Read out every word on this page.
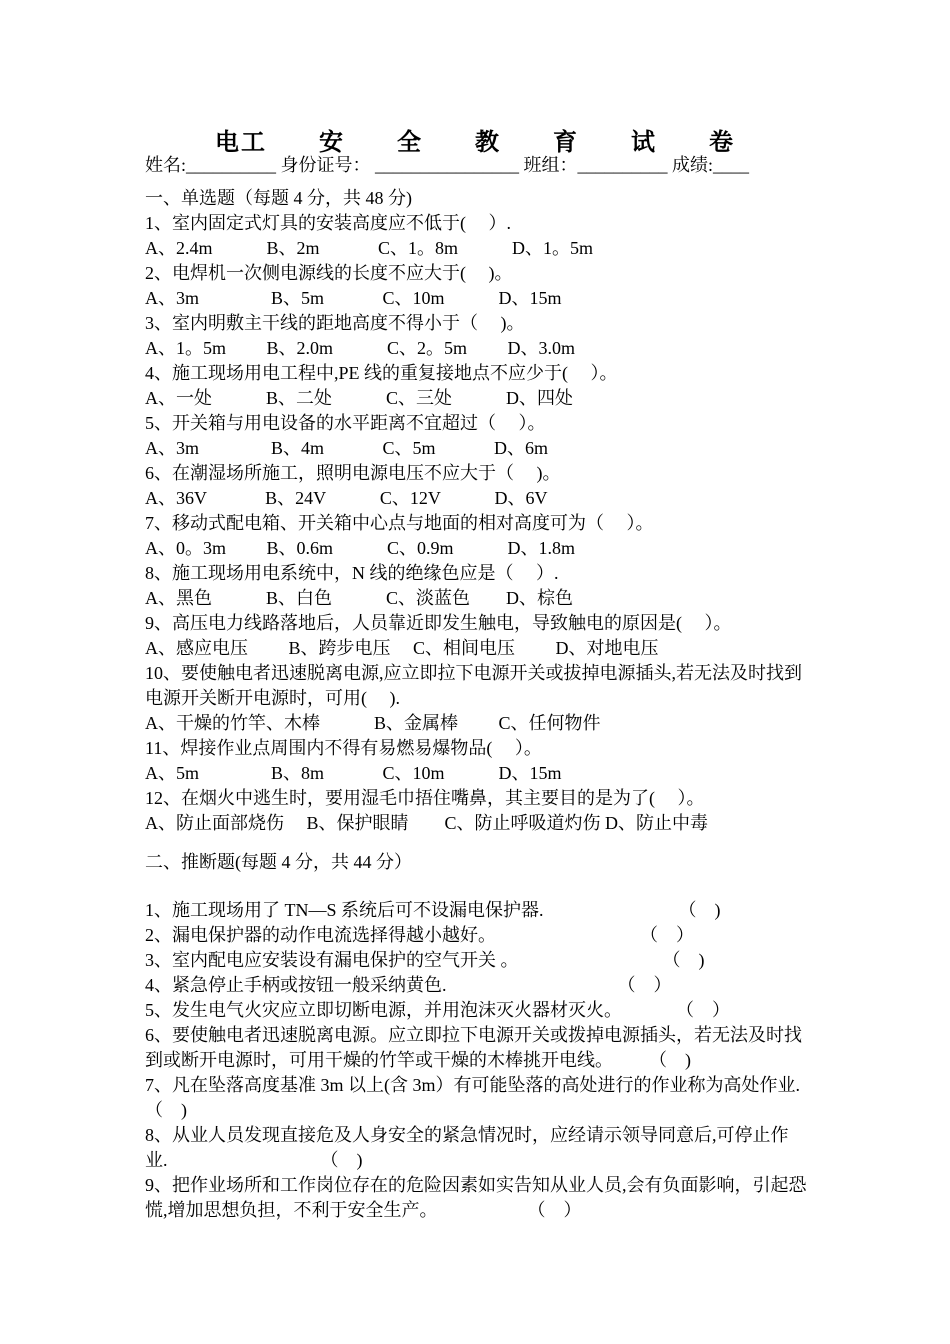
电工　　安　　全　　教　　育　　试　　卷
姓名:__________ 身份证号： ________________ 班组：__________ 成绩:____
一、单选题（每题 4 分，共 48 分)
1、室内固定式灯具的安装高度应不低于(　 ）.
A、2.4m　　　B、2m　　　 C、1。8m　　　D、1。5m
2、电焊机一次侧电源线的长度不应大于(　 )。
A、3m　　　　B、5m　　　 C、10m　　　D、15m
3、室内明敷主干线的距地高度不得小于（　 )。
A、1。5m　　 B、2.0m　　　C、2。5m　　 D、3.0m
4、施工现场用电工程中,PE 线的重复接地点不应少于(　 ）。
A、一处　　　B、二处　　　C、三处　　　D、四处
5、开关箱与用电设备的水平距离不宜超过（　 ）。
A、3m　　　　B、4m　　　 C、5m　　　 D、6m
6、在潮湿场所施工，照明电源电压不应大于（　 )。
A、36V　　　 B、24V　　　C、12V　　　D、6V
7、移动式配电箱、开关箱中心点与地面的相对高度可为（　 ）。
A、0。3m　　 B、0.6m　　　C、0.9m　　　D、1.8m
8、施工现场用电系统中，N 线的绝缘色应是（　 ）.
A、黑色　　　B、白色　　　C、淡蓝色　　D、棕色
9、高压电力线路落地后，人员靠近即发生触电，导致触电的原因是(　 ）。
A、感应电压　　 B、跨步电压　 C、相间电压　　 D、对地电压
10、要使触电者迅速脱离电源,应立即拉下电源开关或拔掉电源插头,若无法及时找到电源开关断开电源时，可用(　 ).
A、干燥的竹竿、木棒　　　B、金属棒　　 C、任何物件
11、焊接作业点周围内不得有易燃易爆物品(　 ）。
A、5m　　　　B、8m　　　 C、10m　　　D、15m
12、在烟火中逃生时，要用湿毛巾捂住嘴鼻，其主要目的是为了(　 ）。
A、防止面部烧伤　 B、保护眼睛　　C、防止呼吸道灼伤 D、防止中毒
二、推断题(每题 4 分，共 44 分）
1、施工现场用了 TN—S 系统后可不设漏电保护器.　　　　　　　　（　)
2、漏电保护器的动作电流选择得越小越好。　　　　　　　　　（　）
3、室内配电应安装设有漏电保护的空气开关 。　　　　　　　　　（　)
4、紧急停止手柄或按钮一般采纳黄色.　　　　　　　　　　（　）
5、发生电气火灾应立即切断电源，并用泡沫灭火器材灭火。　　　　（　）
6、要使触电者迅速脱离电源。应立即拉下电源开关或拨掉电源插头，若无法及时找到或断开电源时，可用干燥的竹竿或干燥的木棒挑开电线。　　　（　)
7、凡在坠落高度基准 3m 以上(含 3m）有可能坠落的高处进行的作业称为高处作业.　　　　　　　　（　)
8、从业人员发现直接危及人身安全的紧急情况时，应经请示领导同意后,可停止作业.　　　　　　　　　（　)
9、把作业场所和工作岗位存在的危险因素如实告知从业人员,会有负面影响，引起恐慌,增加思想负担，不利于安全生产。　　　　　　（　）
